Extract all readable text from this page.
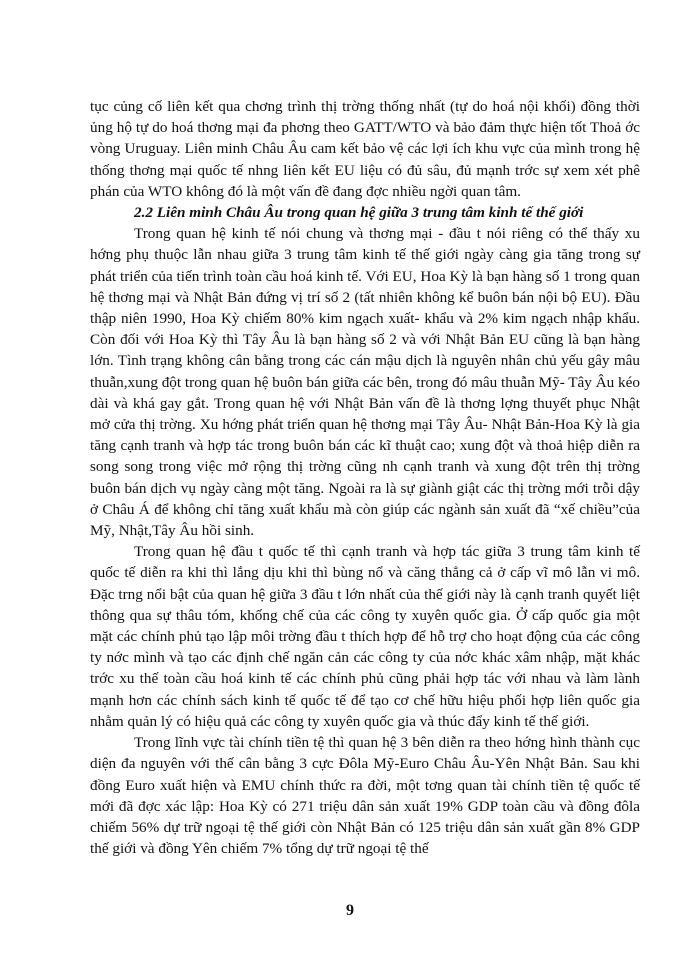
tục củng cố liên kết qua chơng trình thị trờng thống nhất (tự do hoá nội khối) đồng thời ủng hộ tự do hoá thơng mại đa phơng theo GATT/WTO và bảo đảm thực hiện tốt Thoả ớc vòng Uruguay. Liên minh Châu Âu cam kết bảo vệ các lợi ích khu vực của mình trong hệ thống thơng mại quốc tế nhng liên kết EU liệu có đủ sâu, đủ mạnh trớc sự xem xét phê phán của WTO không đó là một vấn đề đang đợc nhiều ngời quan tâm.

2.2 Liên minh Châu Âu trong quan hệ giữa 3 trung tâm kinh tế thế giới

Trong quan hệ kinh tế nói chung và thơng mại - đầu t nói riêng có thể thấy xu hớng phụ thuộc lẫn nhau giữa 3 trung tâm kinh tế thế giới ngày càng gia tăng trong sự phát triển của tiến trình toàn cầu hoá kinh tế. Với EU, Hoa Kỳ là bạn hàng số 1 trong quan hệ thơng mại và Nhật Bản đứng vị trí số 2 (tất nhiên không kể buôn bán nội bộ EU). Đầu thập niên 1990, Hoa Kỳ chiếm 80% kim ngạch xuất- khẩu và 2% kim ngạch nhập khẩu. Còn đối với Hoa Kỳ thì Tây Âu là bạn hàng số 2 và với Nhật Bản EU cũng là bạn hàng lớn. Tình trạng không cân bằng trong các cán mậu dịch là nguyên nhân chủ yếu gây mâu thuẫn,xung đột trong quan hệ buôn bán giữa các bên, trong đó mâu thuẫn Mỹ- Tây Âu kéo dài và khá gay gắt. Trong quan hệ với Nhật Bản vấn đề là thơng lợng thuyết phục Nhật mở cửa thị trờng. Xu hớng phát triển quan hệ thơng mại Tây Âu- Nhật Bản-Hoa Kỳ là gia tăng cạnh tranh và hợp tác trong buôn bán các kĩ thuật cao; xung đột và thoả hiệp diễn ra song song trong việc mở rộng thị trờng cũng nh cạnh tranh và xung đột trên thị trờng buôn bán dịch vụ ngày càng một tăng. Ngoài ra là sự giành giật các thị trờng mới trỗi dậy ở Châu Á để không chỉ tăng xuất khẩu mà còn giúp các ngành sản xuất đã “xế chiều”của Mỹ, Nhật,Tây Âu hồi sinh.

Trong quan hệ đầu t quốc tế thì cạnh tranh và hợp tác giữa 3 trung tâm kinh tế quốc tế diễn ra khi thì lắng dịu khi thì bùng nổ và căng thẳng cả ở cấp vĩ mô lẫn vi mô. Đặc trng nổi bật của quan hệ giữa 3 đầu t lớn nhất của thế giới này là cạnh tranh quyết liệt thông qua sự thâu tóm, khống chế của các công ty xuyên quốc gia. Ở cấp quốc gia một mặt các chính phủ tạo lập môi trờng đầu t thích hợp để hỗ trợ cho hoạt động của các công ty nớc mình và tạo các định chế ngăn cản các công ty của nớc khác xâm nhập, mặt khác trớc xu thế toàn cầu hoá kinh tế các chính phủ cũng phải hợp tác với nhau và làm lành mạnh hơn các chính sách kinh tế quốc tế để tạo cơ chế hữu hiệu phối hợp liên quốc gia nhằm quản lý có hiệu quả các công ty xuyên quốc gia và thúc đẩy kinh tế thế giới.

Trong lĩnh vực tài chính tiền tệ thì quan hệ 3 bên diễn ra theo hớng hình thành cục diện đa nguyên với thế cân bằng 3 cực Đôla Mỹ-Euro Châu Âu-Yên Nhật Bản. Sau khi đồng Euro xuất hiện và EMU chính thức ra đời, một tơng quan tài chính tiền tệ quốc tế mới đã đợc xác lập: Hoa Kỳ có 271 triệu dân sản xuất 19% GDP toàn cầu và đồng đôla chiếm 56% dự trữ ngoại tệ thế giới còn Nhật Bản có 125 triệu dân sản xuất gần 8% GDP thế giới và đồng Yên chiếm 7% tổng dự trữ ngoại tệ thế

9
